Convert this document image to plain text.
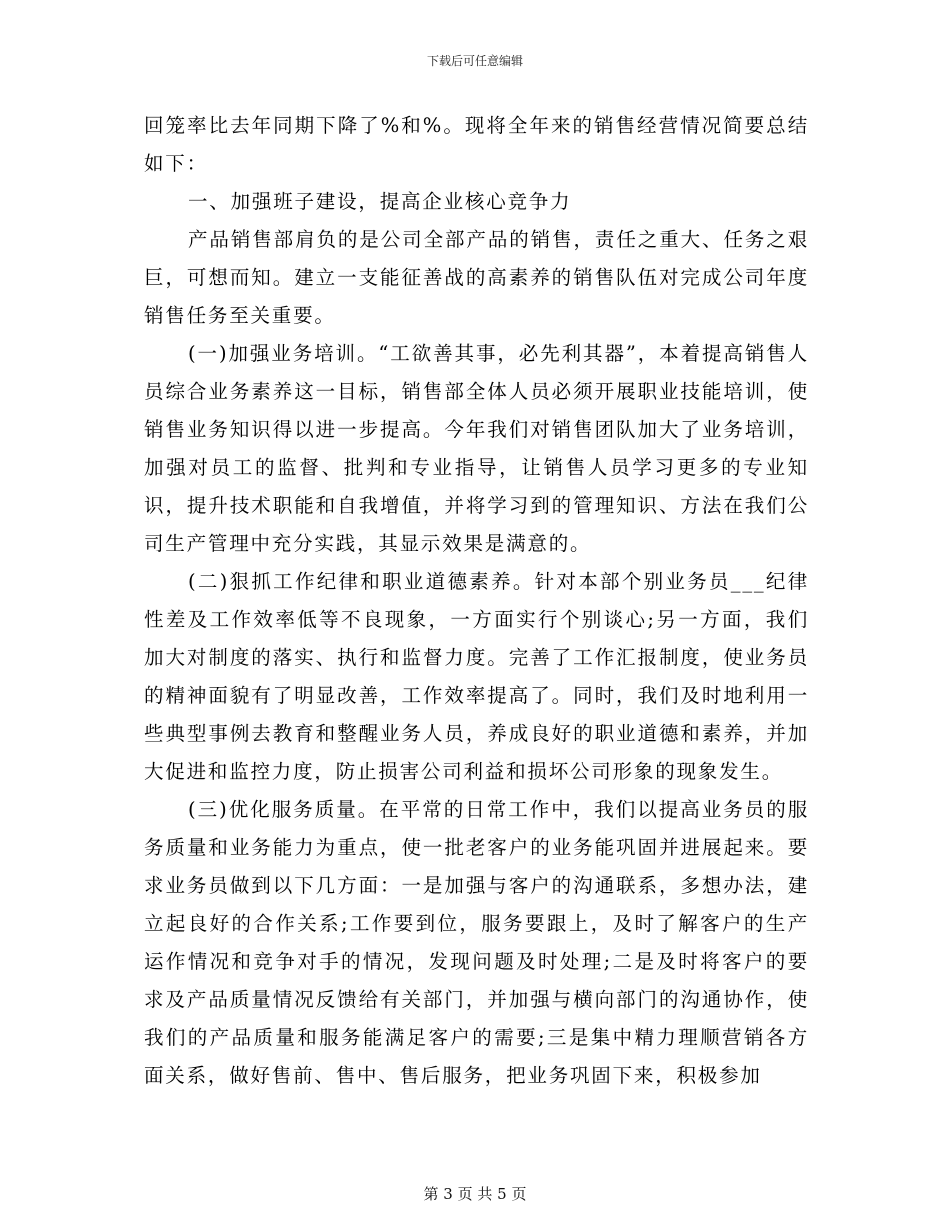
下载后可任意编辑

回笼率比去年同期下降了%和%。现将全年来的销售经营情况简要总结如下：

一、加强班子建设，提高企业核心竞争力

产品销售部肩负的是公司全部产品的销售，责任之重大、任务之艰巨，可想而知。建立一支能征善战的高素养的销售队伍对完成公司年度销售任务至关重要。

(一)加强业务培训。“工欲善其事，必先利其器”，本着提高销售人员综合业务素养这一目标，销售部全体人员必须开展职业技能培训，使销售业务知识得以进一步提高。今年我们对销售团队加大了业务培训，加强对员工的监督、批判和专业指导，让销售人员学习更多的专业知识，提升技术职能和自我增值，并将学习到的管理知识、方法在我们公司生产管理中充分实践，其显示效果是满意的。

(二)狠抓工作纪律和职业道德素养。针对本部个别业务员___纪律性差及工作效率低等不良现象，一方面实行个别谈心;另一方面，我们加大对制度的落实、执行和监督力度。完善了工作汇报制度，使业务员的精神面貌有了明显改善，工作效率提高了。同时，我们及时地利用一些典型事例去教育和整醒业务人员，养成良好的职业道德和素养，并加大促进和监控力度，防止损害公司利益和损坏公司形象的现象发生。

(三)优化服务质量。在平常的日常工作中，我们以提高业务员的服务质量和业务能力为重点，使一批老客户的业务能巩固并进展起来。要求业务员做到以下几方面：一是加强与客户的沟通联系，多想办法，建立起良好的合作关系;工作要到位，服务要跟上，及时了解客户的生产运作情况和竞争对手的情况，发现问题及时处理;二是及时将客户的要求及产品质量情况反馈给有关部门，并加强与横向部门的沟通协作，使我们的产品质量和服务能满足客户的需要;三是集中精力理顺营销各方面关系，做好售前、售中、售后服务，把业务巩固下来，积极参加

第 3 页 共 5 页
